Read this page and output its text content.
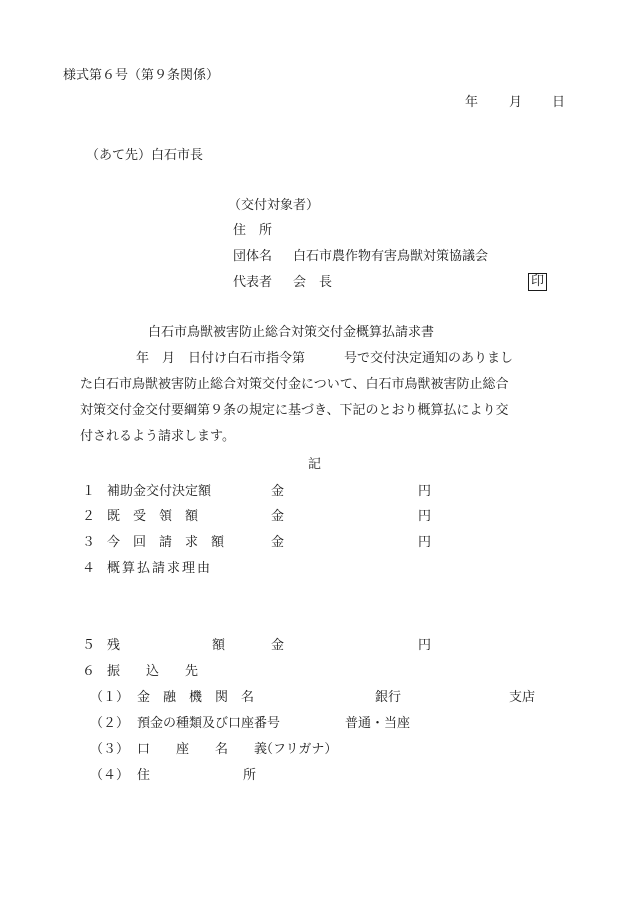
様式第６号（第９条関係）
年 月 日
（あて先）白石市長
（交付対象者）
住　所
団体名 白石市農作物有害鳥獣対策協議会
代表者 会　長	印
白石市鳥獣被害防止総合対策交付金概算払請求書
年　月　日付け白石市指令第　　　号で交付決定通知のありまし
た白石市鳥獣被害防止総合対策交付金について、白石市鳥獣被害防止総合
対策交付金交付要綱第９条の規定に基づき、下記のとおり概算払により交
付されるよう請求します。
記
１ 補助金交付決定額	金	円
２ 既　受　領　額	金	円
３ 今　回　請　求　額	金	円
４ 概算払請求理由
５ 残	額	金	円
６ 振　　込　　先
（１） 金　融　機　関　名	銀行	支店
（２） 預金の種類及び口座番号	普通・当座
（３） 口　　座　　名　　義
（フリガナ）
（４） 住	所
